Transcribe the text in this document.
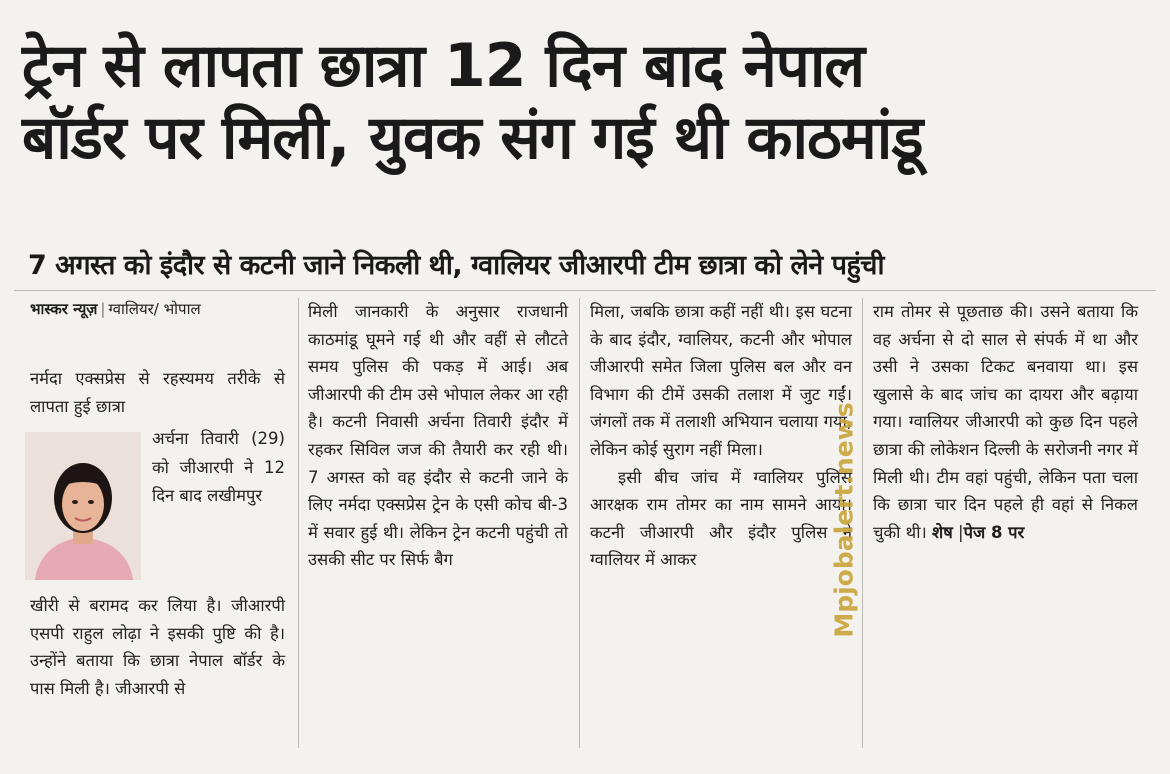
ट्रेन से लापता छात्रा 12 दिन बाद नेपाल
बॉर्डर पर मिली, युवक संग गई थी काठमांडू
7 अगस्त को इंदौर से कटनी जाने निकली थी, ग्वालियर जीआरपी टीम छात्रा को लेने पहुंची
भास्कर न्यूज़ | ग्वालियर/ भोपाल

नर्मदा एक्सप्रेस से रहस्यमय तरीके से लापता हुई छात्रा

अर्चना तिवारी (29) को जीआरपी ने 12 दिन बाद लखीमपुर

खीरी से बरामद कर लिया है। जीआरपी एसपी राहुल लोढ़ा ने इसकी पुष्टि की है। उन्होंने बताया कि छात्रा नेपाल बॉर्डर के पास मिली है। जीआरपी से

मिली जानकारी के अनुसार राजधानी काठमांडू घूमने गई थी और वहीं से लौटते समय पुलिस की पकड़ में आई। अब जीआरपी की टीम उसे भोपाल लेकर आ रही है। कटनी निवासी अर्चना तिवारी इंदौर में रहकर सिविल जज की तैयारी कर रही थी। 7 अगस्त को वह इंदौर से कटनी जाने के लिए नर्मदा एक्सप्रेस ट्रेन के एसी कोच बी-3 में सवार हुई थी। लेकिन ट्रेन कटनी पहुंची तो उसकी सीट पर सिर्फ बैग

मिला, जबकि छात्रा कहीं नहीं थी। इस घटना के बाद इंदौर, ग्वालियर, कटनी और भोपाल जीआरपी समेत जिला पुलिस बल और वन विभाग की टीमें उसकी तलाश में जुट गईं। जंगलों तक में तलाशी अभियान चलाया गया, लेकिन कोई सुराग नहीं मिला।

इसी बीच जांच में ग्वालियर पुलिस आरक्षक राम तोमर का नाम सामने आया। कटनी जीआरपी और इंदौर पुलिस ने ग्वालियर में आकर

राम तोमर से पूछताछ की। उसने बताया कि वह अर्चना से दो साल से संपर्क में था और उसी ने उसका टिकट बनवाया था। इस खुलासे के बाद जांच का दायरा और बढ़ाया गया। ग्वालियर जीआरपी को कुछ दिन पहले छात्रा की लोकेशन दिल्ली के सरोजनी नगर में मिली थी। टीम वहां पहुंची, लेकिन पता चला कि छात्रा चार दिन पहले ही वहां से निकल चुकी थी। शेष |पेज 8 पर

Mpjobalert.news
